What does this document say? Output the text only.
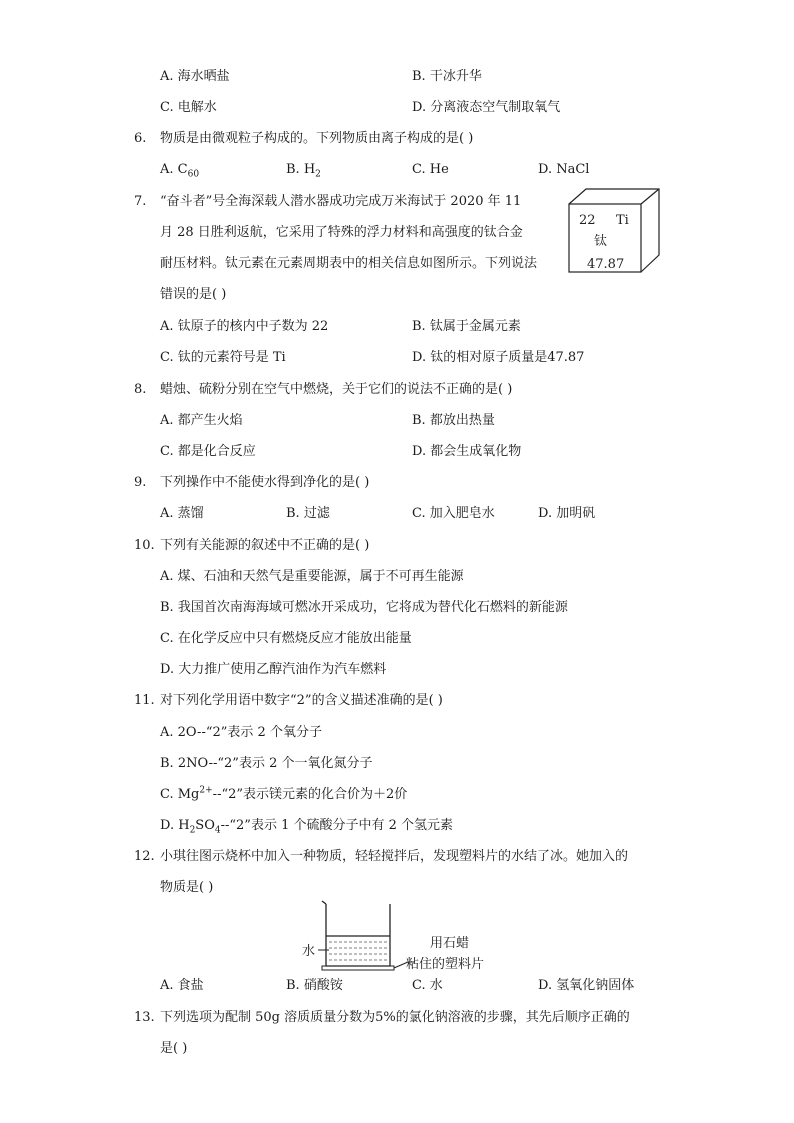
A. 海水晒盐	B. 干冰升华
C. 电解水	D. 分离液态空气制取氧气
6. 物质是由微观粒子构成的。下列物质由离子构成的是( )
A. $C_{60}$	B. $H_2$	C. He	D. NaCl
7. “奋斗者”号全海深载人潜水器成功完成万米海试于 2020 年 11
月 28 日胜利返航，它采用了特殊的浮力材料和高强度的钛合金
耐压材料。钛元素在元素周期表中的相关信息如图所示。下列说法
错误的是( )
22 Ti
钛
47.87
A. 钛原子的核内中子数为 22	B. 钛属于金属元素
C. 钛的元素符号是 Ti	D. 钛的相对原子质量是47.87
8. 蜡烛、硫粉分别在空气中燃烧，关于它们的说法不正确的是( )
A. 都产生火焰	B. 都放出热量
C. 都是化合反应	D. 都会生成氧化物
9. 下列操作中不能使水得到净化的是( )
A. 蒸馏	B. 过滤	C. 加入肥皂水	D. 加明矾
10. 下列有关能源的叙述中不正确的是( )
A. 煤、石油和天然气是重要能源，属于不可再生能源
B. 我国首次南海海域可燃冰开采成功，它将成为替代化石燃料的新能源
C. 在化学反应中只有燃烧反应才能放出能量
D. 大力推广使用乙醇汽油作为汽车燃料
11. 对下列化学用语中数字“2”的含义描述准确的是( )
A. 2O--“2”表示 2 个氧分子
B. 2NO--“2”表示 2 个一氧化氮分子
C. $Mg^{2+}--“2$”表示镁元素的化合价为＋2价
D. $H_2SO_4--“2$”表示 1 个硫酸分子中有 2 个氢元素
12. 小琪往图示烧杯中加入一种物质，轻轻搅拌后，发现塑料片的水结了冰。她加入的
物质是( )
水
用石蜡
粘住的塑料片
A. 食盐	B. 硝酸铵	C. 水	D. 氢氧化钠固体
13. 下列选项为配制 50g 溶质质量分数为5%的氯化钠溶液的步骤，其先后顺序正确的
是( )
